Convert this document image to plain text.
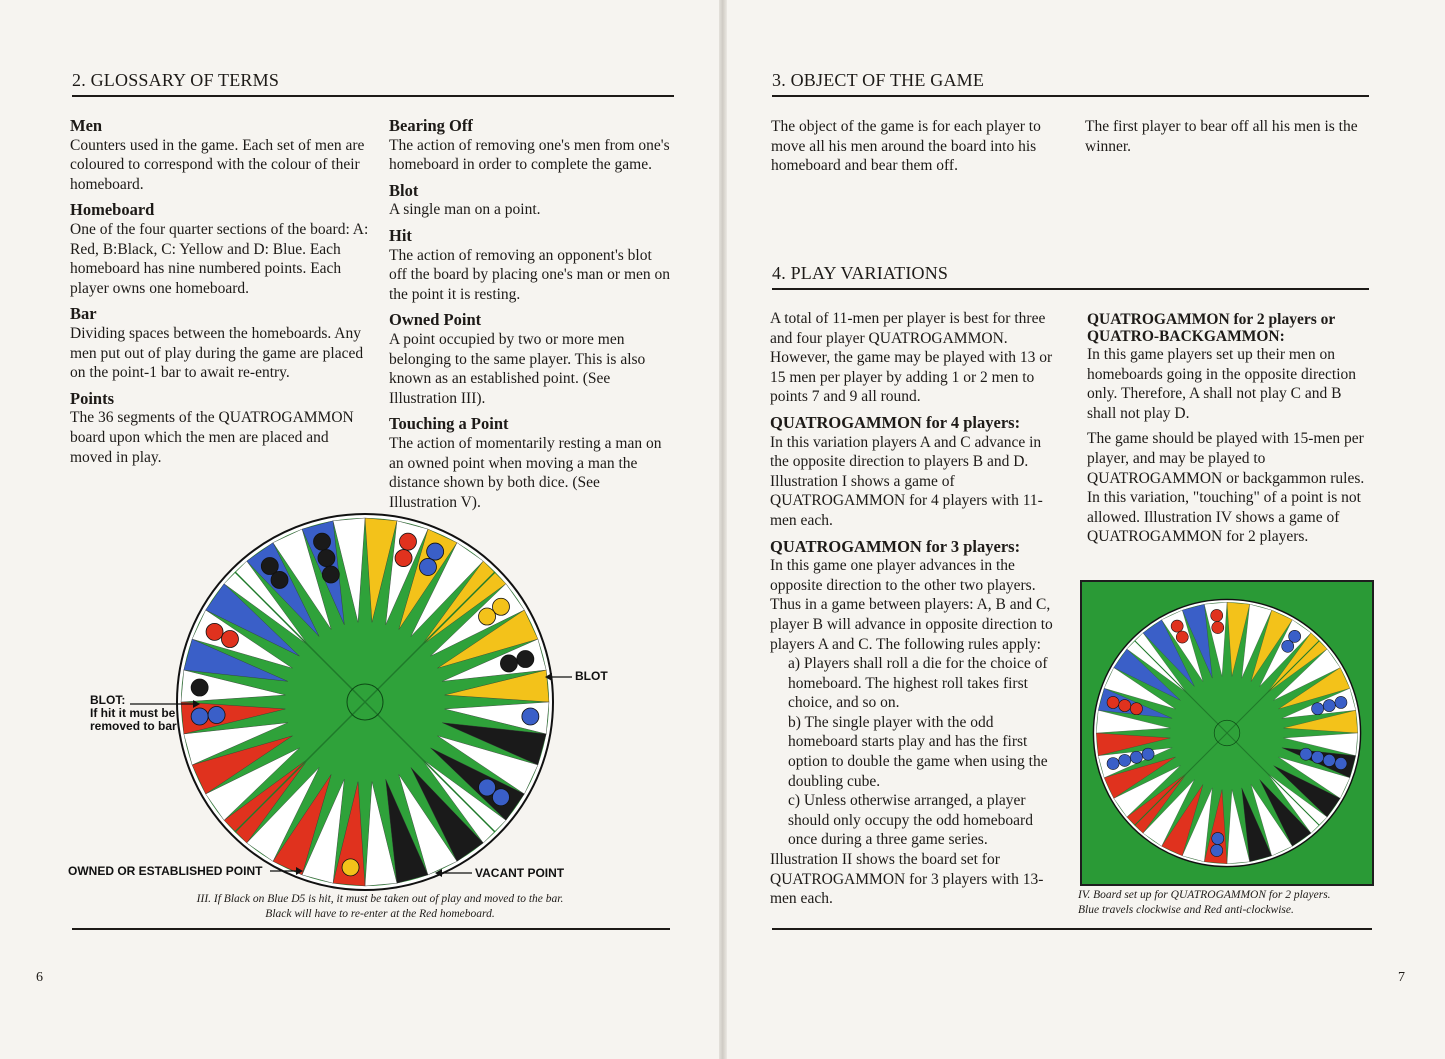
2. GLOSSARY OF TERMS
Men
Counters used in the game. Each set of men are coloured to correspond with the colour of their homeboard.
Homeboard
One of the four quarter sections of the board: A: Red, B:Black, C: Yellow and D: Blue. Each homeboard has nine numbered points. Each player owns one homeboard.
Bar
Dividing spaces between the homeboards. Any men put out of play during the game are placed on the point-1 bar to await re-entry.
Points
The 36 segments of the QUATROGAMMON board upon which the men are placed and moved in play.
Bearing Off
The action of removing one's men from one's homeboard in order to complete the game.
Blot
A single man on a point.
Hit
The action of removing an opponent's blot off the board by placing one's man or men on the point it is resting.
Owned Point
A point occupied by two or more men belonging to the same player. This is also known as an established point. (See Illustration III).
Touching a Point
The action of momentarily resting a man on an owned point when moving a man the distance shown by both dice. (See Illustration V).
BLOT:
If hit it must be
removed to bar
BLOT
OWNED OR ESTABLISHED POINT	VACANT POINT
III. If Black on Blue D5 is hit, it must be taken out of play and moved to the bar.
Black will have to re-enter at the Red homeboard.
6
3. OBJECT OF THE GAME
The object of the game is for each player to move all his men around the board into his homeboard and bear them off.
The first player to bear off all his men is the winner.
4. PLAY VARIATIONS
A total of 11-men per player is best for three and four player QUATROGAMMON. However, the game may be played with 13 or 15 men per player by adding 1 or 2 men to points 7 and 9 all round.
QUATROGAMMON for 4 players:
In this variation players A and C advance in the opposite direction to players B and D. Illustration I shows a game of QUATROGAMMON for 4 players with 11-men each.
QUATROGAMMON for 3 players:
In this game one player advances in the opposite direction to the other two players. Thus in a game between players: A, B and C, player B will advance in opposite direction to players A and C. The following rules apply:
a) Players shall roll a die for the choice of homeboard. The highest roll takes first choice, and so on.
b) The single player with the odd homeboard starts play and has the first option to double the game when using the doubling cube.
c) Unless otherwise arranged, a player should only occupy the odd homeboard once during a three game series.
Illustration II shows the board set for QUATROGAMMON for 3 players with 13-men each.
QUATROGAMMON for 2 players or QUATRO-BACKGAMMON:
In this game players set up their men on homeboards going in the opposite direction only. Therefore, A shall not play C and B shall not play D.
The game should be played with 15-men per player, and may be played to QUATROGAMMON or backgammon rules. In this variation, "touching" of a point is not allowed. Illustration IV shows a game of QUATROGAMMON for 2 players.
IV. Board set up for QUATROGAMMON for 2 players.
Blue travels clockwise and Red anti-clockwise.
7
